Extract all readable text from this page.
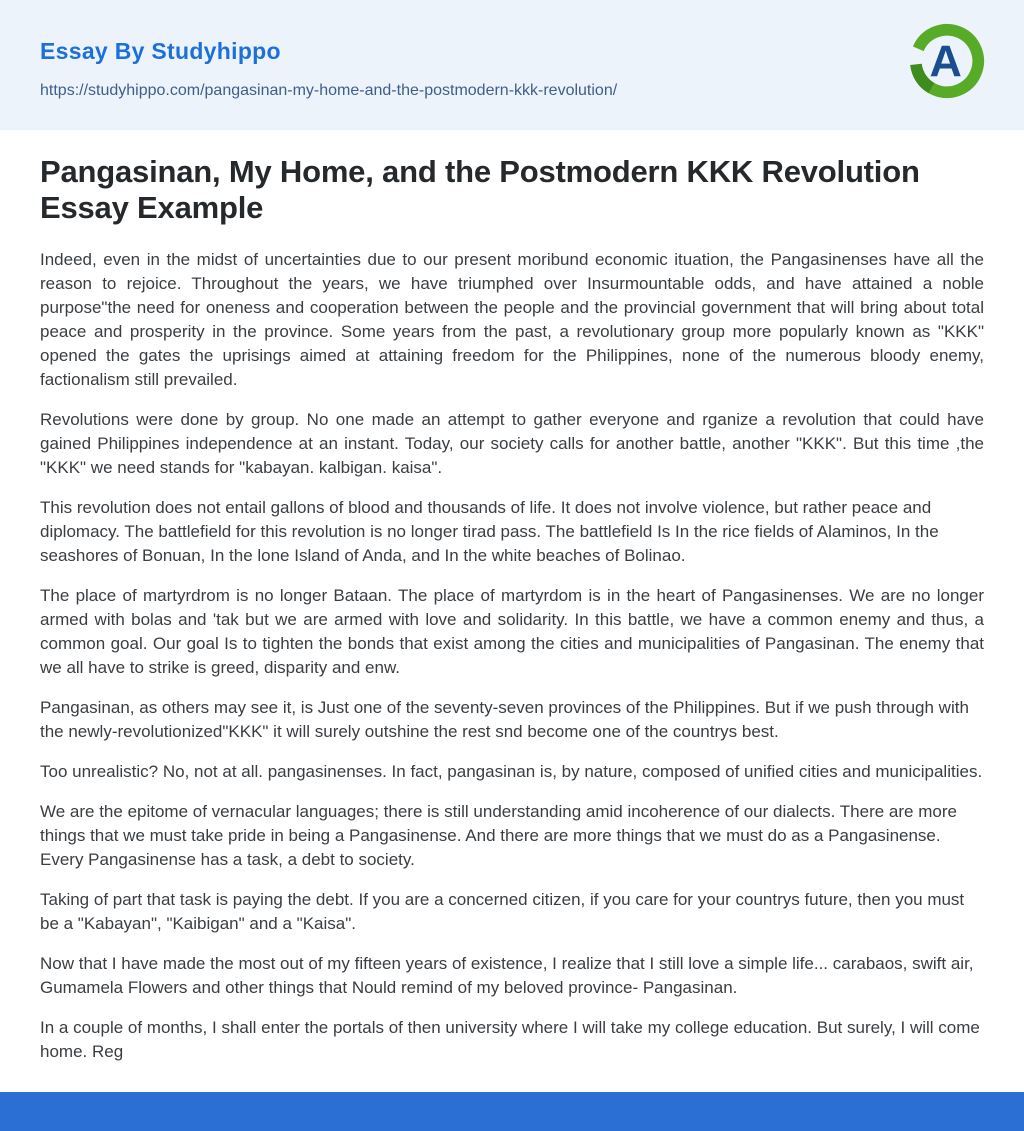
Essay By Studyhippo
https://studyhippo.com/pangasinan-my-home-and-the-postmodern-kkk-revolution/
A
Pangasinan, My Home, and the Postmodern KKK Revolution Essay Example

Indeed, even in the midst of uncertainties due to our present moribund economic ituation, the Pangasinenses have all the reason to rejoice. Throughout the years, we have triumphed over Insurmountable odds, and have attained a noble purpose"the need for oneness and cooperation between the people and the provincial government that will bring about total peace and prosperity in the province. Some years from the past, a revolutionary group more popularly known as "KKK" opened the gates the uprisings aimed at attaining freedom for the Philippines, none of the numerous bloody enemy, factionalism still prevailed.

Revolutions were done by group. No one made an attempt to gather everyone and rganize a revolution that could have gained Philippines independence at an instant. Today, our society calls for another battle, another "KKK". But this time ,the "KKK" we need stands for "kabayan. kalbigan. kaisa".

This revolution does not entail gallons of blood and thousands of life. It does not involve violence, but rather peace and diplomacy. The battlefield for this revolution is no longer tirad pass. The battlefield Is In the rice fields of Alaminos, In the seashores of Bonuan, In the lone Island of Anda, and In the white beaches of Bolinao.

The place of martyrdrom is no longer Bataan. The place of martyrdom is in the heart of Pangasinenses. We are no longer armed with bolas and 'tak but we are armed with love and solidarity. In this battle, we have a common enemy and thus, a common goal. Our goal Is to tighten the bonds that exist among the cities and municipalities of Pangasinan. The enemy that we all have to strike is greed, disparity and enw.

Pangasinan, as others may see it, is Just one of the seventy-seven provinces of the Philippines. But if we push through with the newly-revolutionized"KKK" it will surely outshine the rest snd become one of the countrys best.

Too unrealistic? No, not at all. pangasinenses. In fact, pangasinan is, by nature, composed of unified cities and municipalities.

We are the epitome of vernacular languages; there is still understanding amid incoherence of our dialects. There are more things that we must take pride in being a Pangasinense. And there are more things that we must do as a Pangasinense. Every Pangasinense has a task, a debt to society.

Taking of part that task is paying the debt. If you are a concerned citizen, if you care for your countrys future, then you must be a "Kabayan", "Kaibigan" and a "Kaisa".

Now that I have made the most out of my fifteen years of existence, I realize that I still love a simple life... carabaos, swift air, Gumamela Flowers and other things that Nould remind of my beloved province- Pangasinan.

In a couple of months, I shall enter the portals of then university where I will take my college education. But surely, I will come home. Reg
